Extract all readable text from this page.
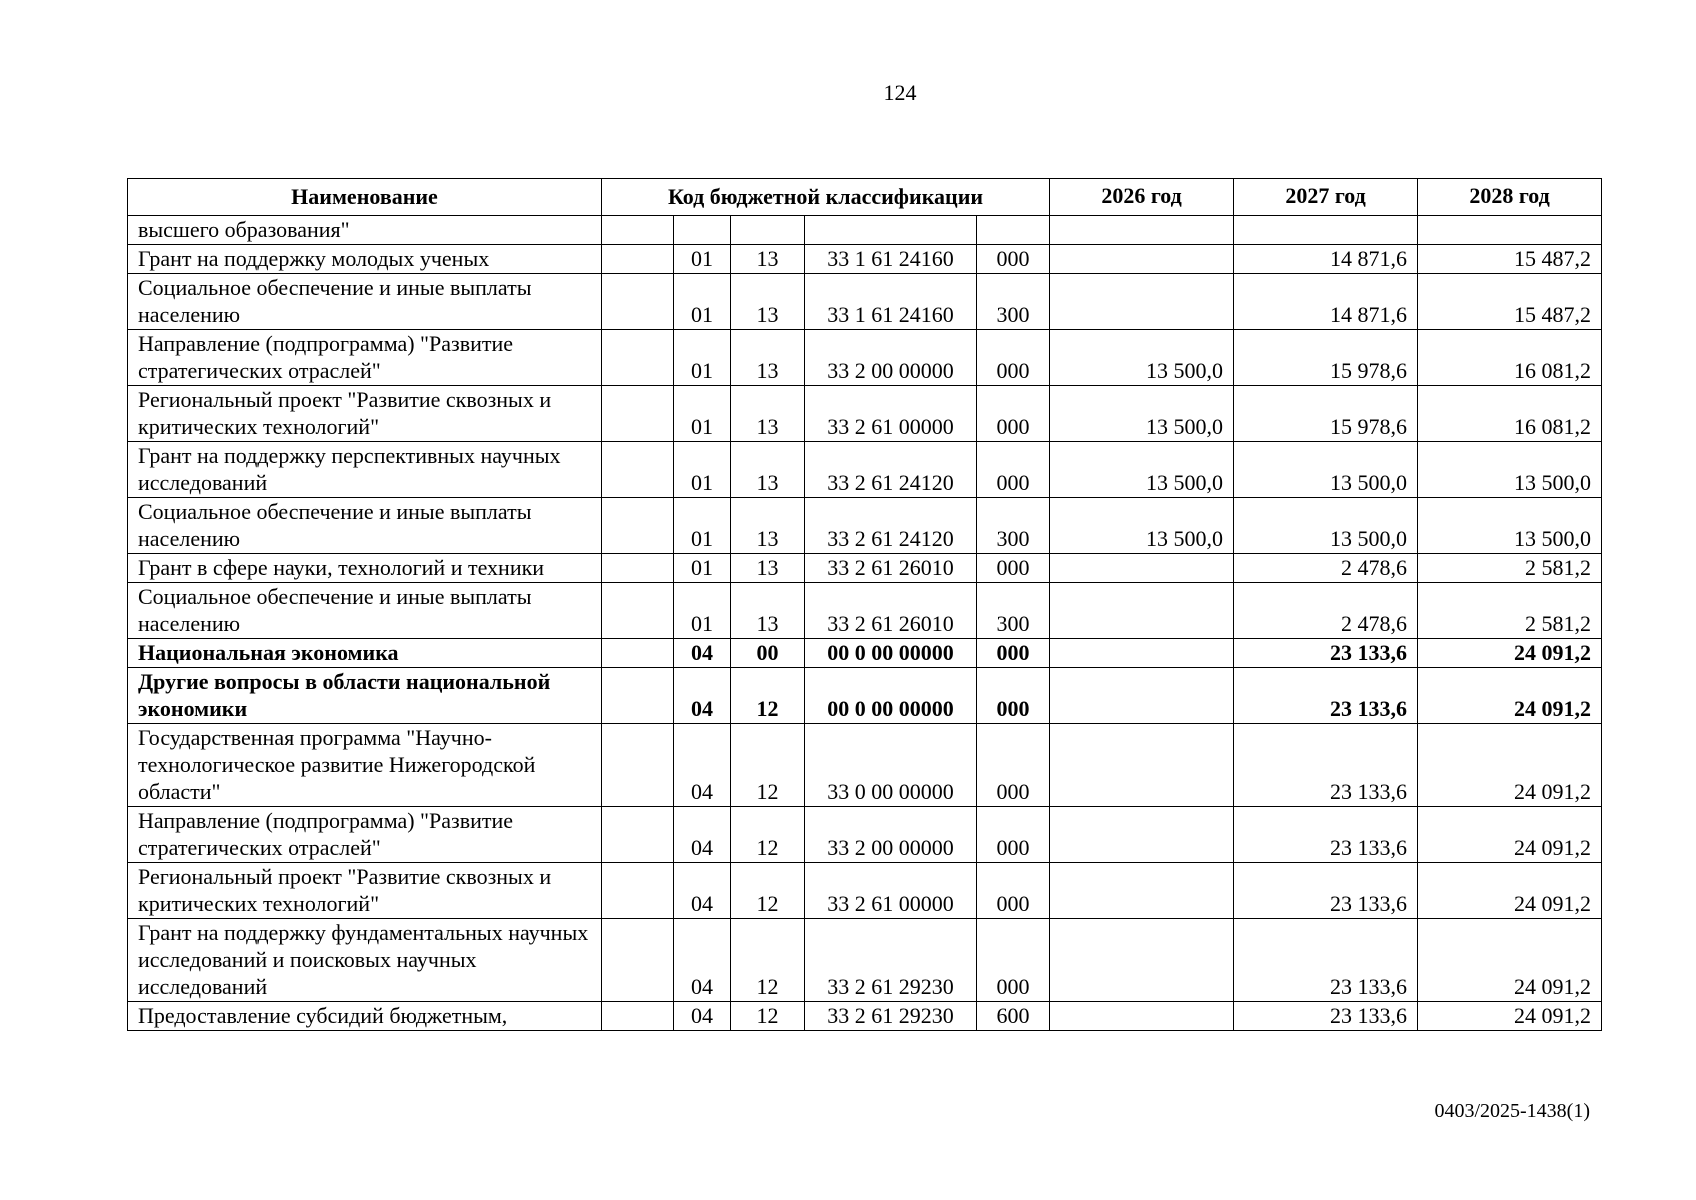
124
Наименование	Код бюджетной классификации					2026 год	2027 год	2028 год
высшего образования"								
Грант на поддержку молодых ученых		01	13	33 1 61 24160	000		14 871,6	15 487,2
Социальное обеспечение и иные выплаты населению		01	13	33 1 61 24160	300		14 871,6	15 487,2
Направление (подпрограмма) "Развитие стратегических отраслей"		01	13	33 2 00 00000	000	13 500,0	15 978,6	16 081,2
Региональный проект "Развитие сквозных и критических технологий"		01	13	33 2 61 00000	000	13 500,0	15 978,6	16 081,2
Грант на поддержку перспективных научных исследований		01	13	33 2 61 24120	000	13 500,0	13 500,0	13 500,0
Социальное обеспечение и иные выплаты населению		01	13	33 2 61 24120	300	13 500,0	13 500,0	13 500,0
Грант в сфере науки, технологий и техники		01	13	33 2 61 26010	000		2 478,6	2 581,2
Социальное обеспечение и иные выплаты населению		01	13	33 2 61 26010	300		2 478,6	2 581,2
Национальная экономика		04	00	00 0 00 00000	000		23 133,6	24 091,2
Другие вопросы в области национальной экономики		04	12	00 0 00 00000	000		23 133,6	24 091,2
Государственная программа "Научно-технологическое развитие Нижегородской области"		04	12	33 0 00 00000	000		23 133,6	24 091,2
Направление (подпрограмма) "Развитие стратегических отраслей"		04	12	33 2 00 00000	000		23 133,6	24 091,2
Региональный проект "Развитие сквозных и критических технологий"		04	12	33 2 61 00000	000		23 133,6	24 091,2
Грант на поддержку фундаментальных научных исследований и поисковых научных исследований		04	12	33 2 61 29230	000		23 133,6	24 091,2
Предоставление субсидий бюджетным,		04	12	33 2 61 29230	600		23 133,6	24 091,2
0403/2025-1438(1)
